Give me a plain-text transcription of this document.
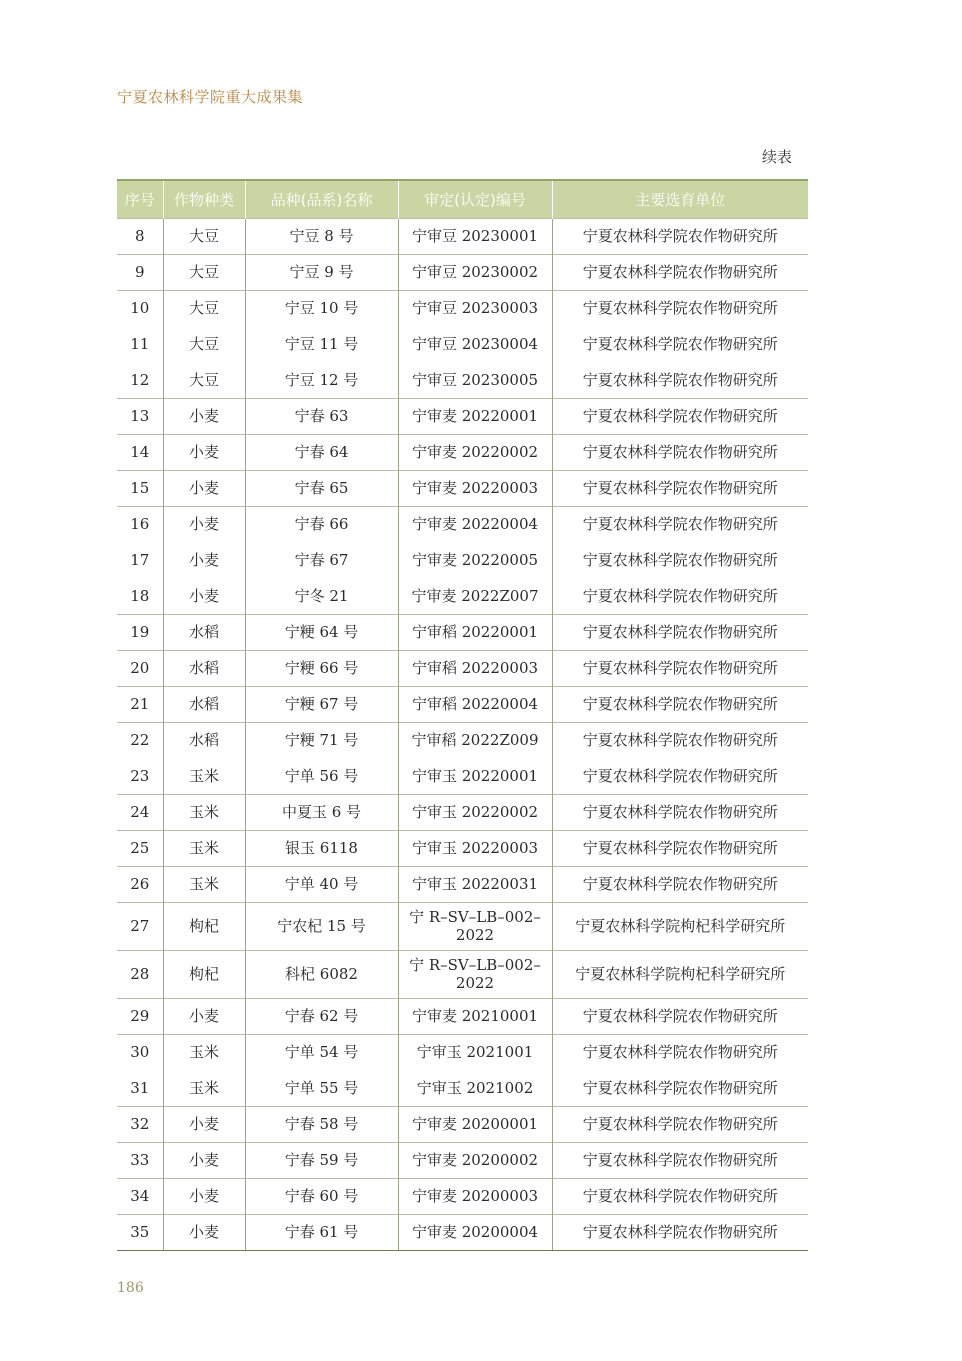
宁夏农林科学院重大成果集
续表
序号	作物种类	品种(品系)名称	审定(认定)编号	主要选育单位
8	大豆	宁豆 8 号	宁审豆 20230001	宁夏农林科学院农作物研究所
9	大豆	宁豆 9 号	宁审豆 20230002	宁夏农林科学院农作物研究所
10	大豆	宁豆 10 号	宁审豆 20230003	宁夏农林科学院农作物研究所
11	大豆	宁豆 11 号	宁审豆 20230004	宁夏农林科学院农作物研究所
12	大豆	宁豆 12 号	宁审豆 20230005	宁夏农林科学院农作物研究所
13	小麦	宁春 63	宁审麦 20220001	宁夏农林科学院农作物研究所
14	小麦	宁春 64	宁审麦 20220002	宁夏农林科学院农作物研究所
15	小麦	宁春 65	宁审麦 20220003	宁夏农林科学院农作物研究所
16	小麦	宁春 66	宁审麦 20220004	宁夏农林科学院农作物研究所
17	小麦	宁春 67	宁审麦 20220005	宁夏农林科学院农作物研究所
18	小麦	宁冬 21	宁审麦 2022Z007	宁夏农林科学院农作物研究所
19	水稻	宁粳 64 号	宁审稻 20220001	宁夏农林科学院农作物研究所
20	水稻	宁粳 66 号	宁审稻 20220003	宁夏农林科学院农作物研究所
21	水稻	宁粳 67 号	宁审稻 20220004	宁夏农林科学院农作物研究所
22	水稻	宁粳 71 号	宁审稻 2022Z009	宁夏农林科学院农作物研究所
23	玉米	宁单 56 号	宁审玉 20220001	宁夏农林科学院农作物研究所
24	玉米	中夏玉 6 号	宁审玉 20220002	宁夏农林科学院农作物研究所
25	玉米	银玉 6118	宁审玉 20220003	宁夏农林科学院农作物研究所
26	玉米	宁单 40 号	宁审玉 20220031	宁夏农林科学院农作物研究所
27	枸杞	宁农杞 15 号	宁 R–SV–LB–002–2022	宁夏农林科学院枸杞科学研究所
28	枸杞	科杞 6082	宁 R–SV–LB–002–2022	宁夏农林科学院枸杞科学研究所
29	小麦	宁春 62 号	宁审麦 20210001	宁夏农林科学院农作物研究所
30	玉米	宁单 54 号	宁审玉 2021001	宁夏农林科学院农作物研究所
31	玉米	宁单 55 号	宁审玉 2021002	宁夏农林科学院农作物研究所
32	小麦	宁春 58 号	宁审麦 20200001	宁夏农林科学院农作物研究所
33	小麦	宁春 59 号	宁审麦 20200002	宁夏农林科学院农作物研究所
34	小麦	宁春 60 号	宁审麦 20200003	宁夏农林科学院农作物研究所
35	小麦	宁春 61 号	宁审麦 20200004	宁夏农林科学院农作物研究所
186
